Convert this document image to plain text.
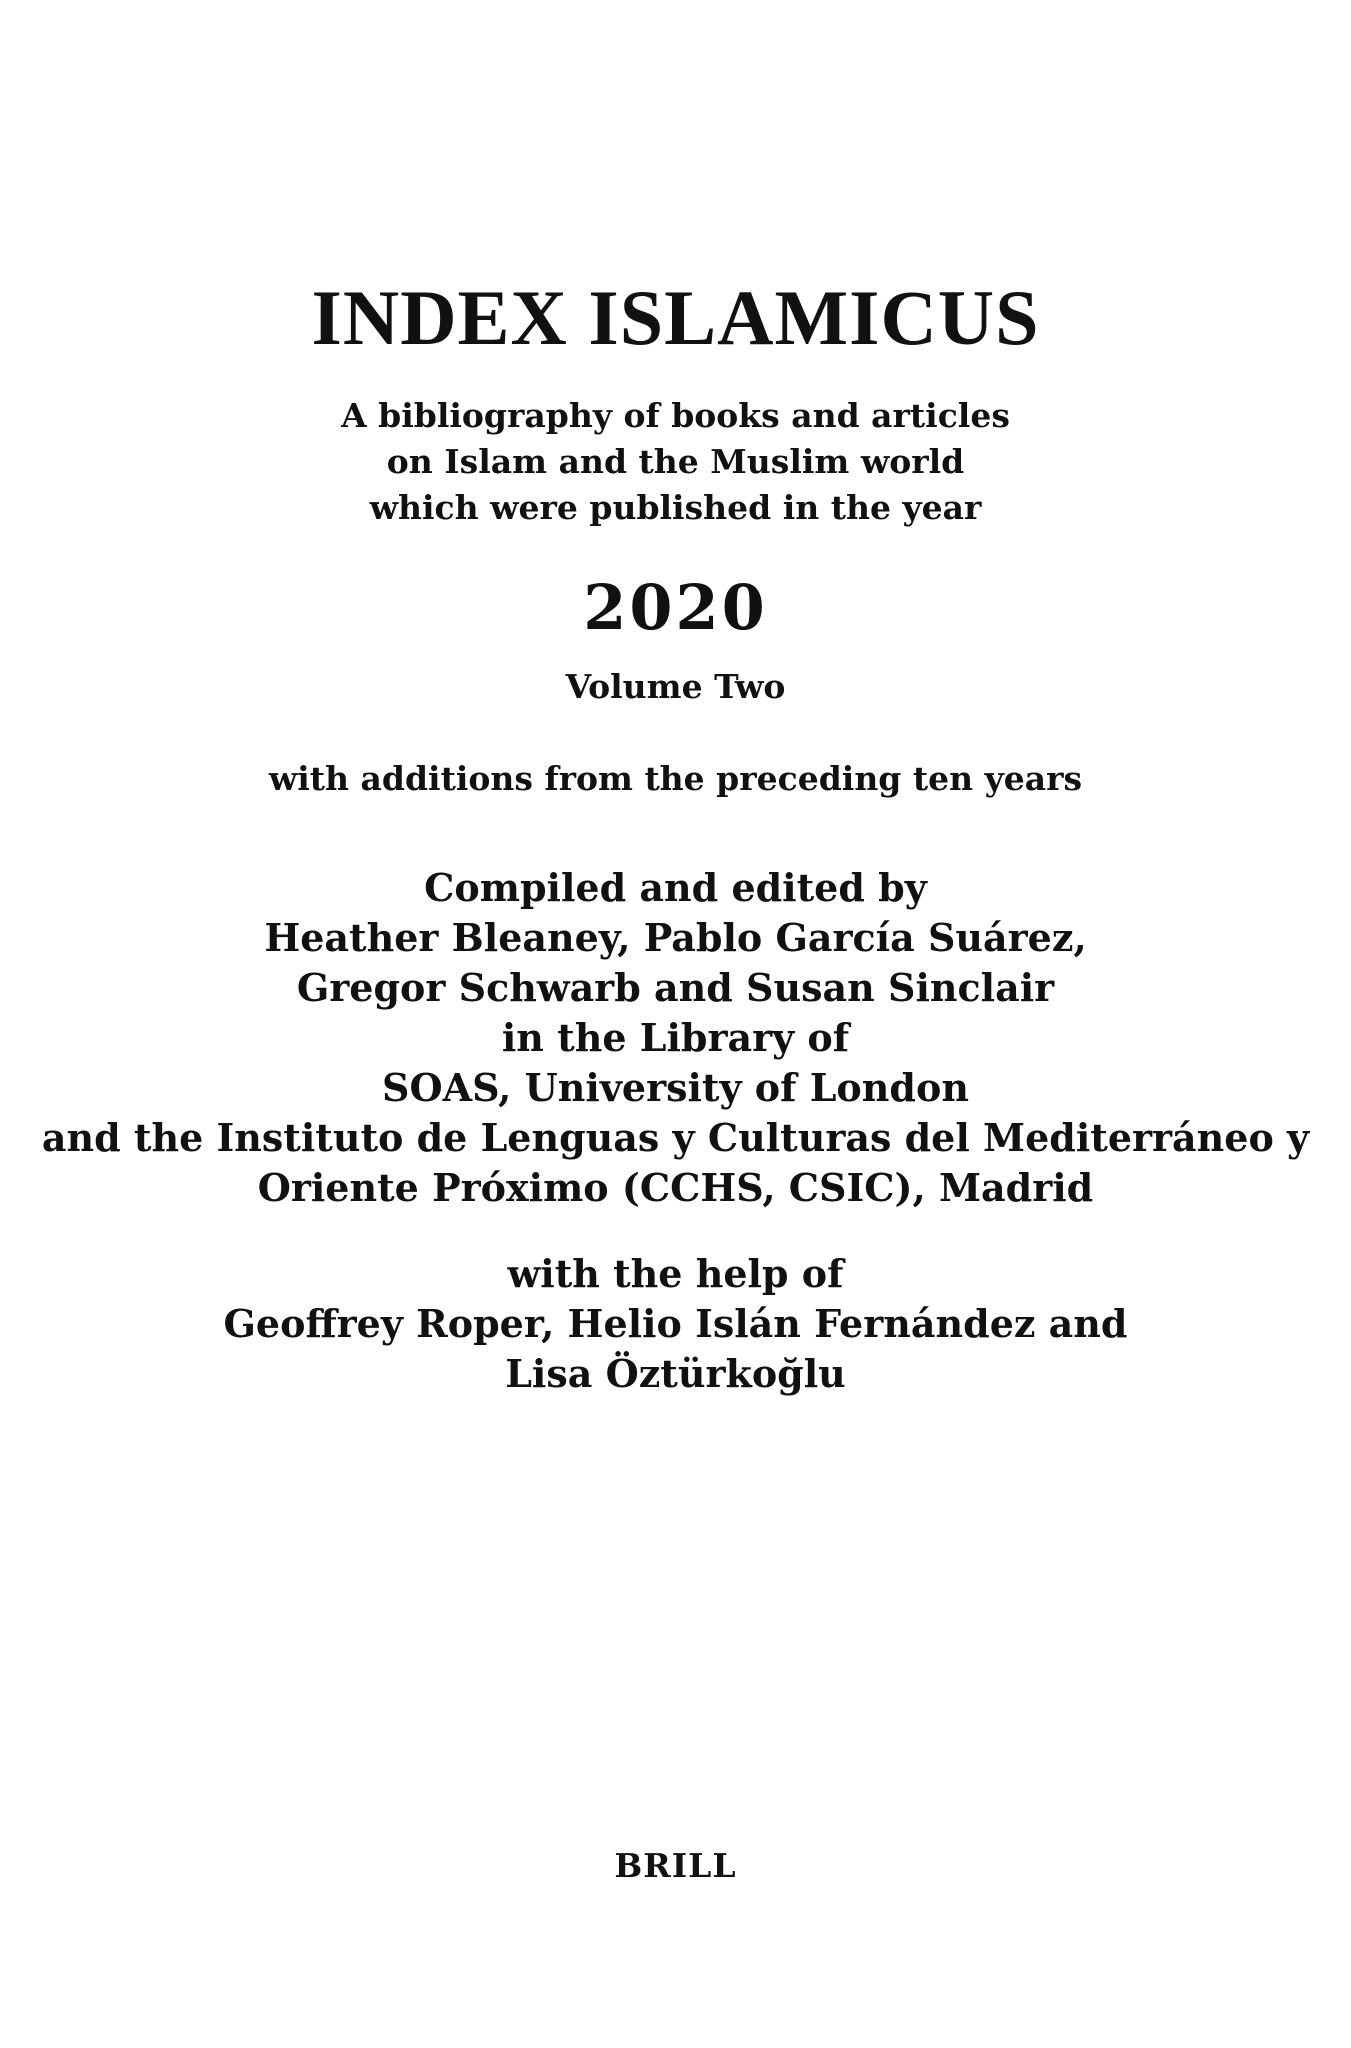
INDEX ISLAMICUS

A bibliography of books and articles

on Islam and the Muslim world

which were published in the year

2020

Volume Two

with additions from the preceding ten years

Compiled and edited by

Heather Bleaney, Pablo García Suárez,

Gregor Schwarb and Susan Sinclair

in the Library of

SOAS, University of London

and the Instituto de Lenguas y Culturas del Mediterráneo y

Oriente Próximo (CCHS, CSIC), Madrid

with the help of

Geoffrey Roper, Helio Islán Fernández and

Lisa Öztürkoğlu

BRILL
